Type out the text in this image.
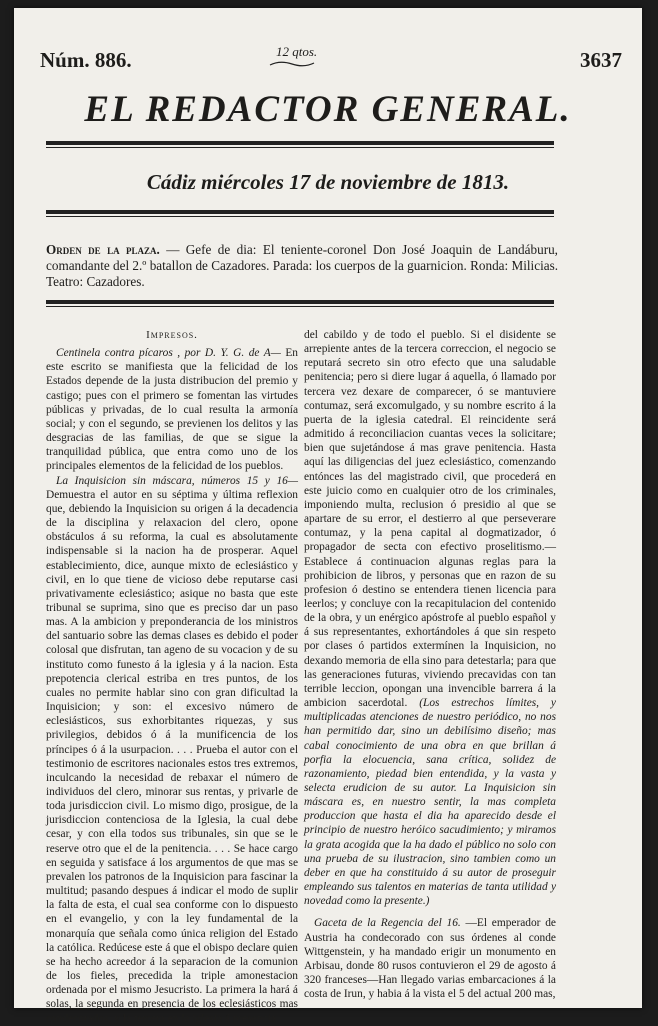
Núm. 886.	12 qtos.	3637
EL REDACTOR GENERAL.
Cádiz miércoles 17 de noviembre de 1813.
Orden de la plaza. — Gefe de dia: El teniente-coronel Don José Joaquin de Landáburu, comandante del 2.º batallon de Cazadores. Parada: los cuerpos de la guarnicion. Ronda: Milicias. Teatro: Cazadores.

Impresos.

Centinela contra pícaros , por D. Y. G. de A— En este escrito se manifiesta que la felicidad de los Estados depende de la justa distribucion del premio y castigo; pues con el primero se fomentan las virtudes públicas y privadas, de lo cual resulta la armonía social; y con el segundo, se previenen los delitos y las desgracias de las familias, de que se sigue la tranquilidad pública, que entra como uno de los principales elementos de la felicidad de los pueblos.

La Inquisicion sin máscara, números 15 y 16— Demuestra el autor en su séptima y última reflexion que, debiendo la Inquisicion su origen á la decadencia de la disciplina y relaxacion del clero, opone obstáculos á su reforma, la cual es absolutamente indispensable si la nacion ha de prosperar. Aquel establecimiento, dice, aunque mixto de eclesiástico y civil, en lo que tiene de vicioso debe reputarse casi privativamente eclesiástico; asique no basta que este tribunal se suprima, sino que es preciso dar un paso mas. A la ambicion y preponderancia de los ministros del santuario sobre las demas clases es debido el poder colosal que disfrutan, tan ageno de su vocacion y de su instituto como funesto á la iglesia y á la nacion. Esta prepotencia clerical estriba en tres puntos, de los cuales no permite hablar sino con gran dificultad la Inquisicion; y son: el excesivo número de eclesiásticos, sus exhorbitantes riquezas, y sus privilegios, debidos ó á la munificencia de los príncipes ó á la usurpacion. . . . Prueba el autor con el testimonio de escritores nacionales estos tres extremos, inculcando la necesidad de rebaxar el número de individuos del clero, minorar sus rentas, y privarle de toda jurisdiccion civil. Lo mismo digo, prosigue, de la jurisdiccion contenciosa de la Iglesia, la cual debe cesar, y con ella todos sus tribunales, sin que se le reserve otro que el de la penitencia. . . . Se hace cargo en seguida y satisface á los argumentos de que mas se prevalen los patronos de la Inquisicion para fascinar la multitud; pasando despues á indicar el modo de suplir la falta de esta, el cual sea conforme con lo dispuesto en el evangelio, y con la ley fundamental de la monarquía que señala como única religion del Estado la católica. Redúcese este á que el obispo declare quien se ha hecho acreedor á la separacion de la comunion de los fieles, precedida la triple amonestacion ordenada por el mismo Jesucristo. La primera la hará á solas, la segunda en presencia de los eclesiásticos mas condecorados, y la tercera en la iglesia á presencia

del cabildo y de todo el pueblo. Si el disidente se arrepiente antes de la tercera correccion, el negocio se reputará secreto sin otro efecto que una saludable penitencia; pero si diere lugar á aquella, ó llamado por tercera vez dexare de comparecer, ó se mantuviere contumaz, será excomulgado, y su nombre escrito á la puerta de la iglesia catedral. El reincidente será admitido á reconciliacion cuantas veces la solicitare; bien que sujetándose á mas grave penitencia. Hasta aquí las diligencias del juez eclesiástico, comenzando entónces las del magistrado civil, que procederá en este juicio como en cualquier otro de los criminales, imponiendo multa, reclusion ó presidio al que se apartare de su error, el destierro al que perseverare contumaz, y la pena capital al dogmatizador, ó propagador de secta con efectivo proselitismo.—Establece á continuacion algunas reglas para la prohibicion de libros, y personas que en razon de su profesion ó destino se entendera tienen licencia para leerlos; y concluye con la recapitulacion del contenido de la obra, y un enérgico apóstrofe al pueblo español y á sus representantes, exhortándoles á que sin respeto por clases ó partidos extermínen la Inquisicion, no dexando memoria de ella sino para detestarla; para que las generaciones futuras, viviendo precavidas con tan terrible leccion, opongan una invencible barrera á la ambicion sacerdotal. (Los estrechos límites, y multiplicadas atenciones de nuestro periódico, no nos han permitido dar, sino un debilísimo diseño; mas cabal conocimiento de una obra en que brillan á porfia la elocuencia, sana crítica, solidez de razonamiento, piedad bien entendida, y la vasta y selecta erudicion de su autor. La Inquisicion sin máscara es, en nuestro sentir, la mas completa produccion que hasta el dia ha aparecido desde el principio de nuestro heróico sacudimiento; y miramos la grata acogida que la ha dado el público no solo con una prueba de su ilustracion, sino tambien como un deber en que ha constituido á su autor de proseguir empleando sus talentos en materias de tanta utilidad y novedad como la presente.)

Gaceta de la Regencia del 16. —El emperador de Austria ha condecorado con sus órdenes al conde Wittgenstein, y ha mandado erigir un monumento en Arbisau, donde 80 rusos contuvieron el 29 de agosto á 320 franceses—Han llegado varias embarcaciones á la costa de Irun, y habia á la vista el 5 del actual 200 mas,
